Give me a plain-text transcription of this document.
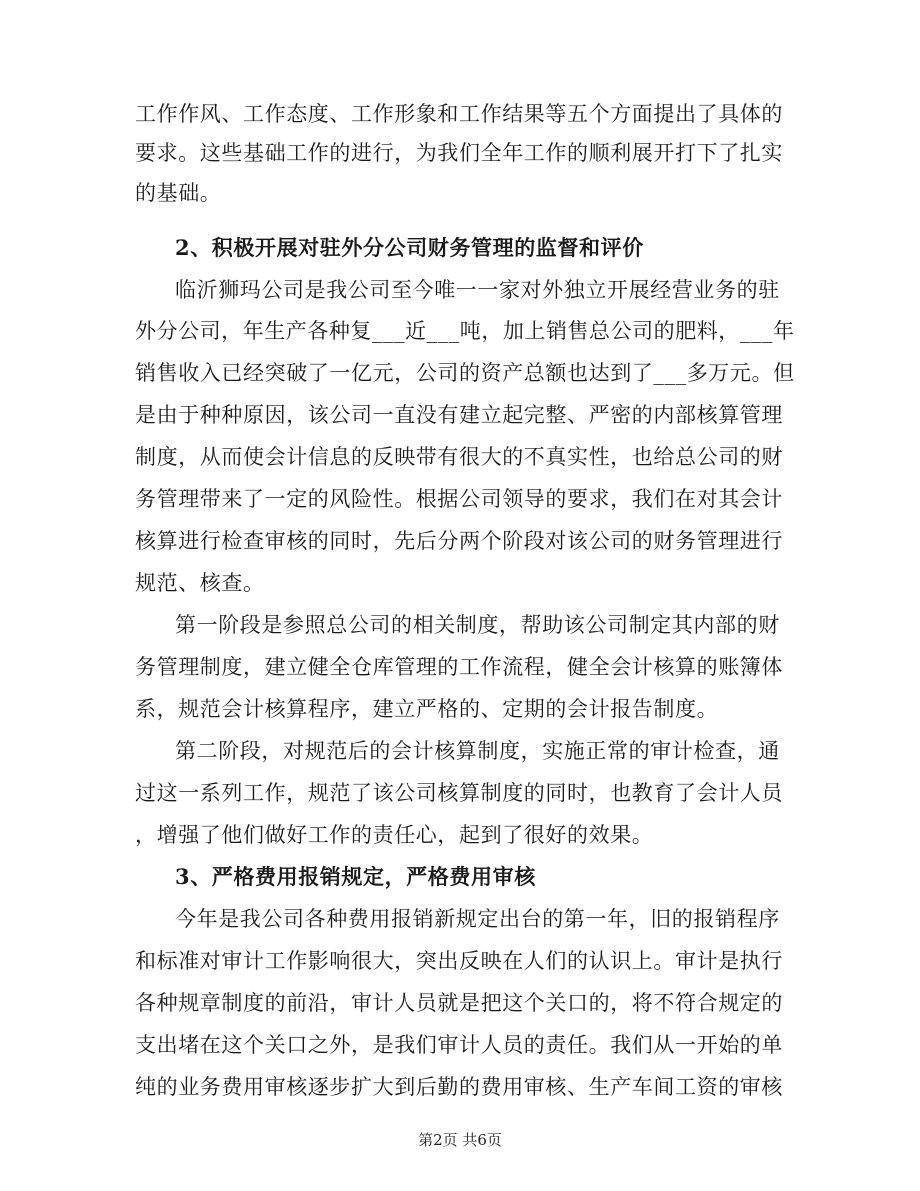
工作作风、工作态度、工作形象和工作结果等五个方面提出了具体的
要求。这些基础工作的进行，为我们全年工作的顺利展开打下了扎实
的基础。
2、积极开展对驻外分公司财务管理的监督和评价
临沂狮玛公司是我公司至今唯一一家对外独立开展经营业务的驻
外分公司，年生产各种复___近___吨，加上销售总公司的肥料，___年
销售收入已经突破了一亿元，公司的资产总额也达到了___多万元。但
是由于种种原因，该公司一直没有建立起完整、严密的内部核算管理
制度，从而使会计信息的反映带有很大的不真实性，也给总公司的财
务管理带来了一定的风险性。根据公司领导的要求，我们在对其会计
核算进行检查审核的同时，先后分两个阶段对该公司的财务管理进行
规范、核查。
第一阶段是参照总公司的相关制度，帮助该公司制定其内部的财
务管理制度，建立健全仓库管理的工作流程，健全会计核算的账簿体
系，规范会计核算程序，建立严格的、定期的会计报告制度。
第二阶段，对规范后的会计核算制度，实施正常的审计检查，通
过这一系列工作，规范了该公司核算制度的同时，也教育了会计人员
，增强了他们做好工作的责任心，起到了很好的效果。
3、严格费用报销规定，严格费用审核
今年是我公司各种费用报销新规定出台的第一年，旧的报销程序
和标准对审计工作影响很大，突出反映在人们的认识上。审计是执行
各种规章制度的前沿，审计人员就是把这个关口的，将不符合规定的
支出堵在这个关口之外，是我们审计人员的责任。我们从一开始的单
纯的业务费用审核逐步扩大到后勤的费用审核、生产车间工资的审核
第2页 共6页
